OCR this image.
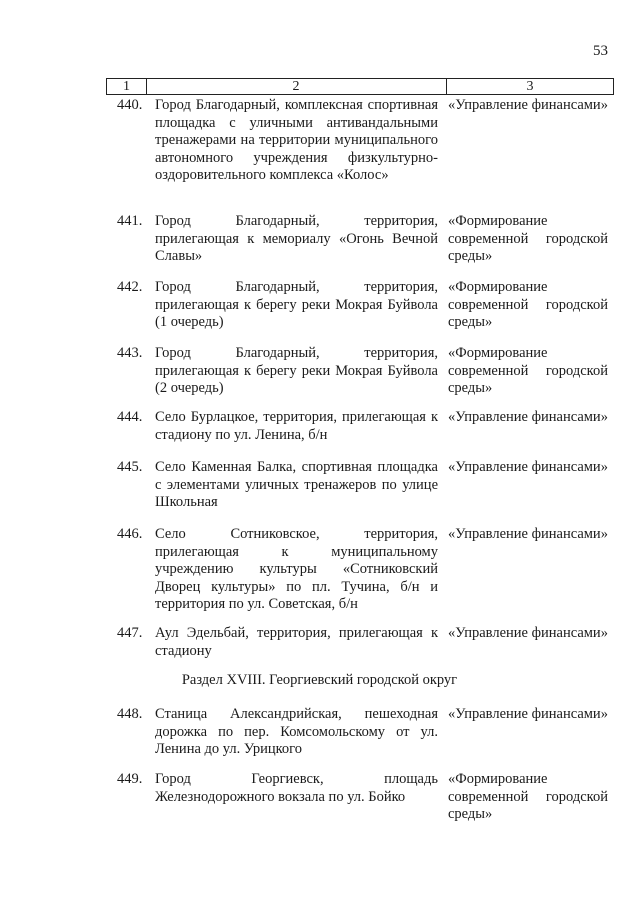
53
1	2	3
440. Город Благодарный, комплексная спортивная площадка с уличными антивандальными тренажерами на территории муниципального автономного учреждения физкультурно-оздоровительного комплекса «Колос»
«Управление финансами»
441. Город Благодарный, территория, прилегающая к мемориалу «Огонь Вечной Славы»
«Формирование современной городской среды»
442. Город Благодарный, территория, прилегающая к берегу реки Мокрая Буйвола (1 очередь)
«Формирование современной городской среды»
443. Город Благодарный, территория, прилегающая к берегу реки Мокрая Буйвола (2 очередь)
«Формирование современной городской среды»
444. Село Бурлацкое, территория, прилегающая к стадиону по ул. Ленина, б/н
«Управление финансами»
445. Село Каменная Балка, спортивная площадка с элементами уличных тренажеров по улице Школьная
«Управление финансами»
446. Село Сотниковское, территория, прилегающая к муниципальному учреждению культуры «Сотниковский Дворец культуры» по пл. Тучина, б/н и территория по ул. Советская, б/н
«Управление финансами»
447. Аул Эдельбай, территория, прилегающая к стадиону
«Управление финансами»
Раздел XVIII. Георгиевский городской округ
448. Станица Александрийская, пешеходная дорожка по пер. Комсомольскому от ул. Ленина до ул. Урицкого
«Управление финансами»
449. Город Георгиевск, площадь Железнодорожного вокзала по ул. Бойко
«Формирование современной городской среды»
